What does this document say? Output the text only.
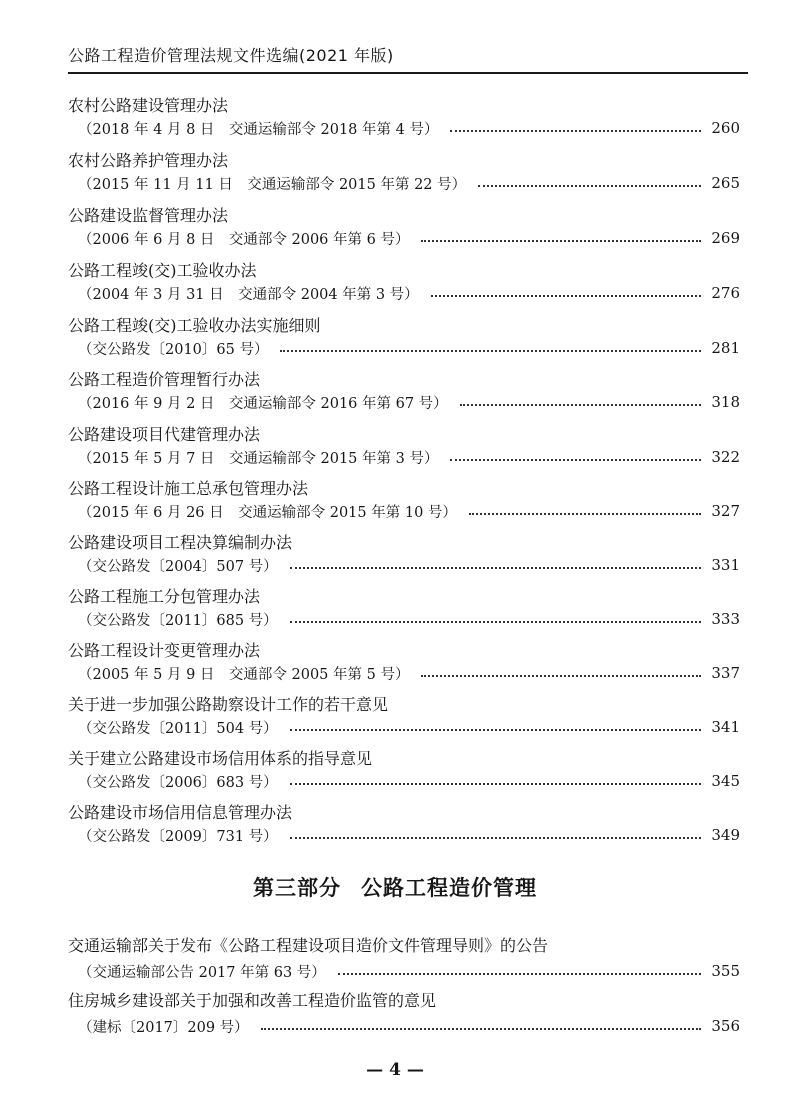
公路工程造价管理法规文件选编(2021 年版)
农村公路建设管理办法
（2018 年 4 月 8 日　交通运输部令 2018 年第 4 号）	260
农村公路养护管理办法
（2015 年 11 月 11 日　交通运输部令 2015 年第 22 号）	265
公路建设监督管理办法
（2006 年 6 月 8 日　交通部令 2006 年第 6 号）	269
公路工程竣(交)工验收办法
（2004 年 3 月 31 日　交通部令 2004 年第 3 号）	276
公路工程竣(交)工验收办法实施细则
（交公路发〔2010〕65 号）	281
公路工程造价管理暂行办法
（2016 年 9 月 2 日　交通运输部令 2016 年第 67 号）	318
公路建设项目代建管理办法
（2015 年 5 月 7 日　交通运输部令 2015 年第 3 号）	322
公路工程设计施工总承包管理办法
（2015 年 6 月 26 日　交通运输部令 2015 年第 10 号）	327
公路建设项目工程决算编制办法
（交公路发〔2004〕507 号）	331
公路工程施工分包管理办法
（交公路发〔2011〕685 号）	333
公路工程设计变更管理办法
（2005 年 5 月 9 日　交通部令 2005 年第 5 号）	337
关于进一步加强公路勘察设计工作的若干意见
（交公路发〔2011〕504 号）	341
关于建立公路建设市场信用体系的指导意见
（交公路发〔2006〕683 号）	345
公路建设市场信用信息管理办法
（交公路发〔2009〕731 号）	349
第三部分 公路工程造价管理
交通运输部关于发布《公路工程建设项目造价文件管理导则》的公告
（交通运输部公告 2017 年第 63 号）	355
住房城乡建设部关于加强和改善工程造价监管的意见
（建标〔2017〕209 号）	356
— 4 —
